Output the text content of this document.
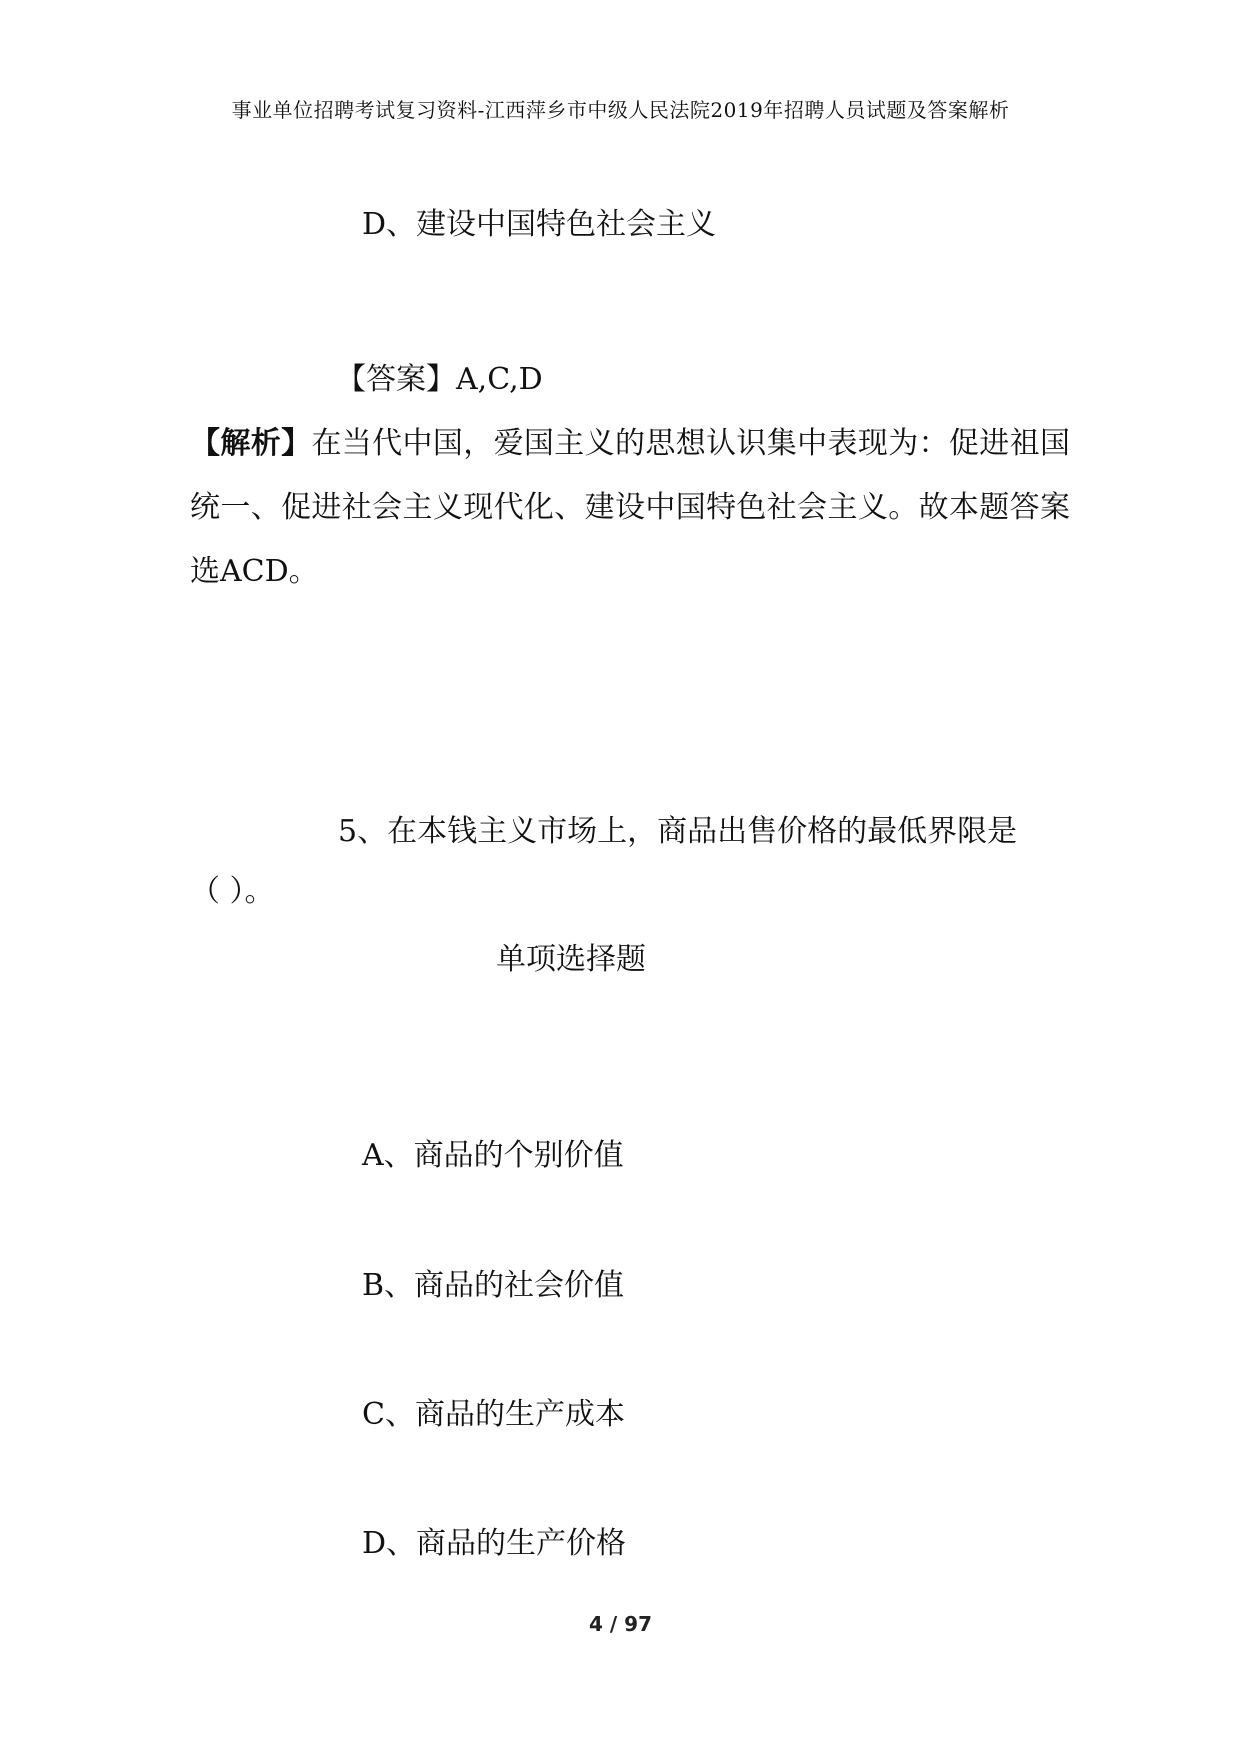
事业单位招聘考试复习资料-江西萍乡市中级人民法院2019年招聘人员试题及答案解析
D、建设中国特色社会主义
【答案】A,C,D
【解析】在当代中国，爱国主义的思想认识集中表现为：促进祖国统一、促进社会主义现代化、建设中国特色社会主义。故本题答案选ACD。
5、在本钱主义市场上，商品出售价格的最低界限是
（ ）。
单项选择题
A、商品的个别价值
B、商品的社会价值
C、商品的生产成本
D、商品的生产价格
4 / 97
